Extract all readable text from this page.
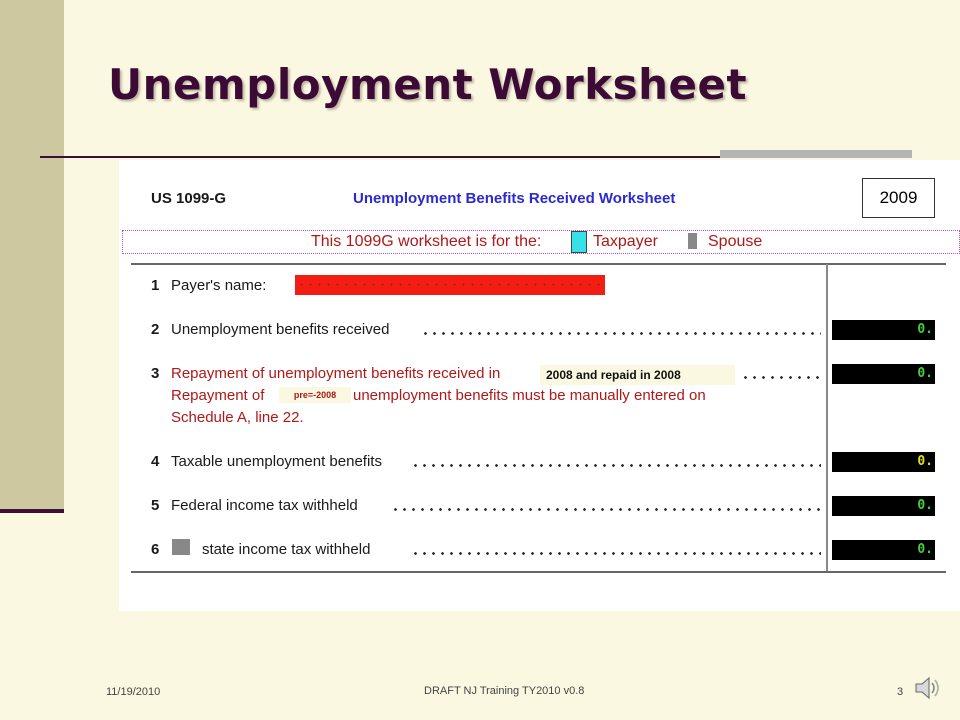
Unemployment Worksheet
US 1099-G	Unemployment Benefits Received Worksheet	2009
This 1099G worksheet is for the:	Taxpayer	Spouse
1 Payer's name:
2 Unemployment benefits received	0.
3 Repayment of unemployment benefits received in	0.
Repayment of	unemployment benefits must be manually entered on
Schedule A, line 22.
2008 and repaid in 2008
pre=-2008
4 Taxable unemployment benefits	0.
5 Federal income tax withheld	0.
6	state income tax withheld	0.
11/19/2010	DRAFT NJ Training TY2010 v0.8	3
